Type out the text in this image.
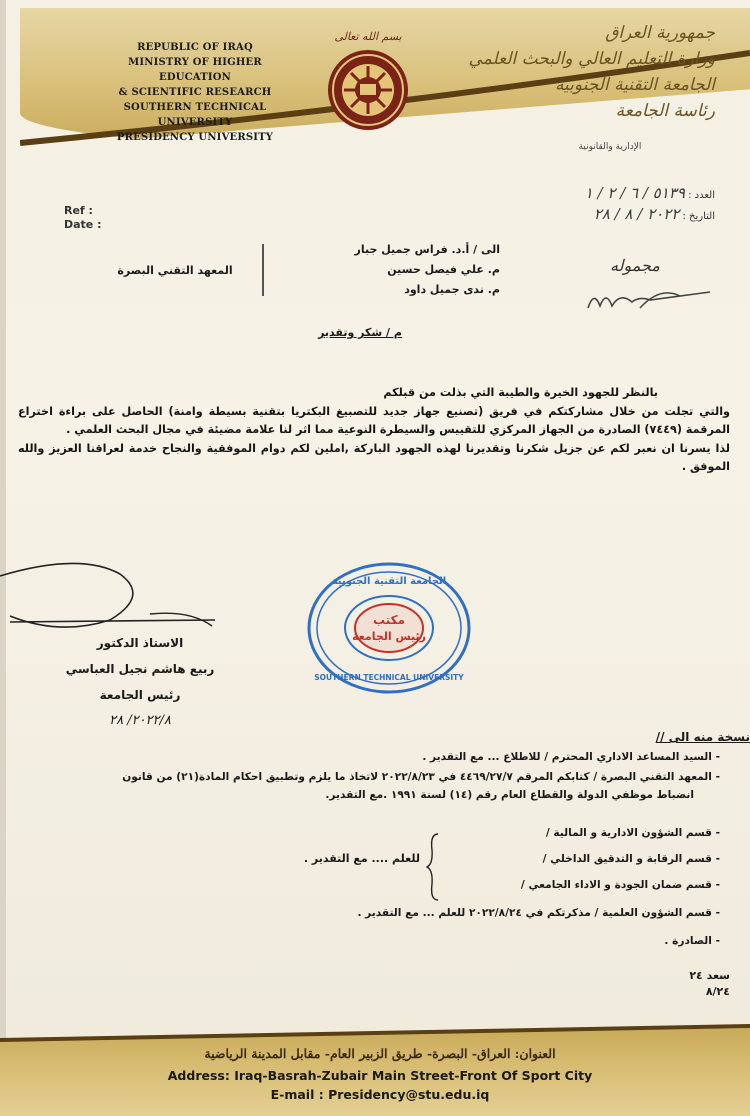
REPUBLIC OF IRAQ
MINISTRY OF HIGHER EDUCATION
& SCIENTIFIC RESEARCH
SOUTHERN TECHNICAL UNIVERSITY
PRESIDENCY UNIVERSITY
بسم الله تعالى	جمهورية العراق
وزارة التعليم العالي والبحث العلمي
الجامعة التقنية الجنوبية
رئاسة الجامعة
الإدارية والقانونية
Ref :
Date :
العدد : ٥١٣٩ / ٦ / ٢ / ١
التاريخ : ٢٠٢٢ / ٨ / ٢٨
الى / أ.د. فراس جميل جبار
م. علي فيصل حسين
م. ندى جميل داود
المعهد التقني البصرة	مجموله
م / شكر وتقدير

بالنظر للجهود الخيرة والطيبة التي بذلت من قبلكم

والتي تجلت من خلال مشاركتكم في فريق (تصنيع جهاز جديد للتصبيغ البكتريا بتقنية بسيطة وامنة) الحاصل على براءة اختراع المرقمة (٧٤٤٩) الصادرة من الجهاز المركزي للتقييس والسيطرة النوعية مما اثر لنا علامة مضيئة في مجال البحث العلمي .

لذا يسرنا ان نعبر لكم عن جزيل شكرنا وتقديرنا لهذه الجهود الباركة ,املين لكم دوام الموفقية والنجاح خدمة لعراقنا العزيز والله الموفق .

الاستاذ الدكتور
ربيع هاشم نجيل العباسي
رئيس الجامعة
٢٠٢٢/٨/ ٢٨
مكتب
رئيس الجامعة
الجامعة التقنية الجنوبية
SOUTHERN TECHNICAL UNIVERSITY
نسخة منه الى //
- السيد المساعد الاداري المحترم / للاطلاع ... مع التقدير .
- المعهد التقني البصرة / كتابكم المرقم ٤٤٦٩/٢٧/٧ في ٢٠٢٢/٨/٢٣ لاتخاذ ما يلزم وتطبيق احكام المادة(٢١) من قانون
انضباط موظفي الدولة والقطاع العام رقم (١٤) لسنة ١٩٩١ .مع التقدير.
- قسم الشؤون الادارية و المالية /
- قسم الرقابة و التدقيق الداخلي /
- قسم ضمان الجودة و الاداء الجامعي /
- قسم الشؤون العلمية / مذكرتكم في ٢٠٢٢/٨/٢٤ للعلم ... مع التقدير .
- الصادرة .
للعلم .... مع التقدير .
سعد ٢٤
٨/٢٤
العنوان: العراق- البصرة- طريق الزبير العام- مقابل المدينة الرياضية
Address: Iraq-Basrah-Zubair Main Street-Front Of Sport City
E-mail : Presidency@stu.edu.iq
